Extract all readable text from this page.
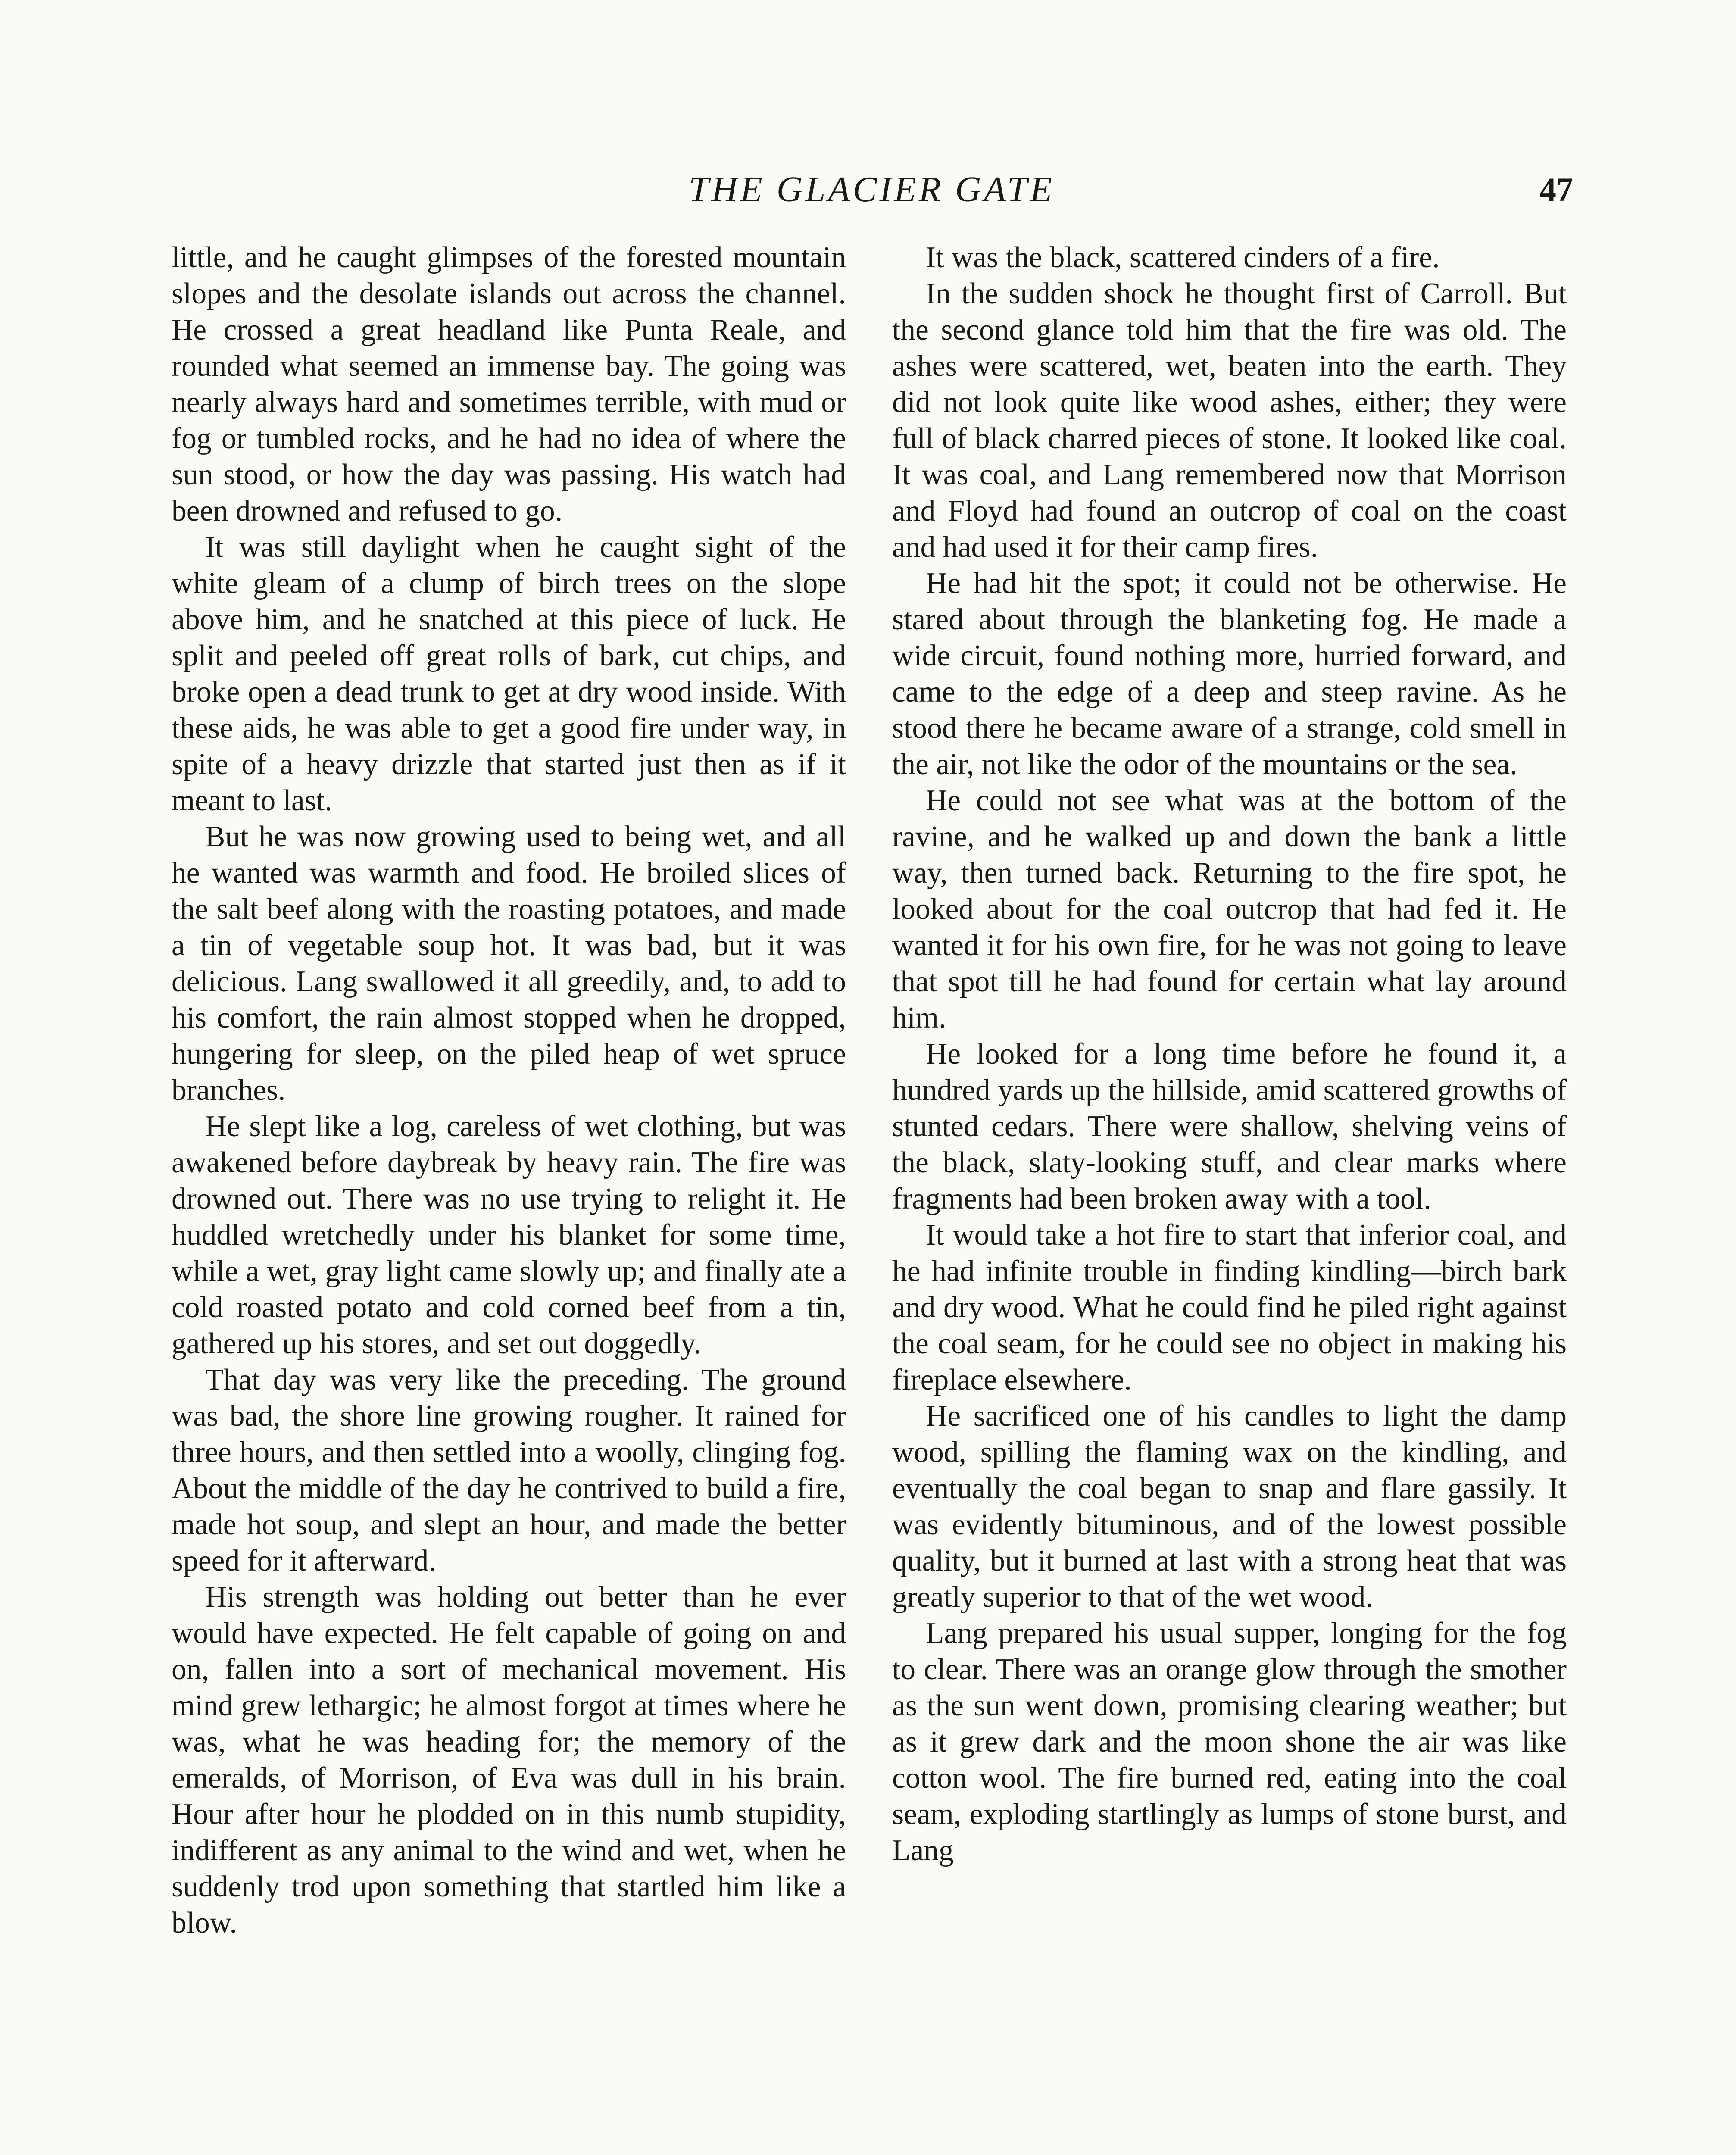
THE GLACIER GATE	47

little, and he caught glimpses of the forested mountain slopes and the desolate islands out across the channel. He crossed a great headland like Punta Reale, and rounded what seemed an immense bay. The going was nearly always hard and sometimes terrible, with mud or fog or tumbled rocks, and he had no idea of where the sun stood, or how the day was passing. His watch had been drowned and refused to go.

It was still daylight when he caught sight of the white gleam of a clump of birch trees on the slope above him, and he snatched at this piece of luck. He split and peeled off great rolls of bark, cut chips, and broke open a dead trunk to get at dry wood inside. With these aids, he was able to get a good fire under way, in spite of a heavy drizzle that started just then as if it meant to last.

But he was now growing used to being wet, and all he wanted was warmth and food. He broiled slices of the salt beef along with the roasting potatoes, and made a tin of vegetable soup hot. It was bad, but it was delicious. Lang swallowed it all greedily, and, to add to his comfort, the rain almost stopped when he dropped, hungering for sleep, on the piled heap of wet spruce branches.

He slept like a log, careless of wet clothing, but was awakened before daybreak by heavy rain. The fire was drowned out. There was no use trying to relight it. He huddled wretchedly under his blanket for some time, while a wet, gray light came slowly up; and finally ate a cold roasted potato and cold corned beef from a tin, gathered up his stores, and set out doggedly.

That day was very like the preceding. The ground was bad, the shore line growing rougher. It rained for three hours, and then settled into a woolly, clinging fog. About the middle of the day he contrived to build a fire, made hot soup, and slept an hour, and made the better speed for it afterward.

His strength was holding out better than he ever would have expected. He felt capable of going on and on, fallen into a sort of mechanical movement. His mind grew lethargic; he almost forgot at times where he was, what he was heading for; the memory of the emeralds, of Morrison, of Eva was dull in his brain. Hour after hour he plodded on in this numb stupidity, indifferent as any animal to the wind and wet, when he suddenly trod upon something that startled him like a blow.

It was the black, scattered cinders of a fire.

In the sudden shock he thought first of Carroll. But the second glance told him that the fire was old. The ashes were scattered, wet, beaten into the earth. They did not look quite like wood ashes, either; they were full of black charred pieces of stone. It looked like coal. It was coal, and Lang remembered now that Morrison and Floyd had found an outcrop of coal on the coast and had used it for their camp fires.

He had hit the spot; it could not be otherwise. He stared about through the blanketing fog. He made a wide circuit, found nothing more, hurried forward, and came to the edge of a deep and steep ravine. As he stood there he became aware of a strange, cold smell in the air, not like the odor of the mountains or the sea.

He could not see what was at the bottom of the ravine, and he walked up and down the bank a little way, then turned back. Returning to the fire spot, he looked about for the coal outcrop that had fed it. He wanted it for his own fire, for he was not going to leave that spot till he had found for certain what lay around him.

He looked for a long time before he found it, a hundred yards up the hillside, amid scattered growths of stunted cedars. There were shallow, shelving veins of the black, slaty-looking stuff, and clear marks where fragments had been broken away with a tool.

It would take a hot fire to start that inferior coal, and he had infinite trouble in finding kindling—birch bark and dry wood. What he could find he piled right against the coal seam, for he could see no object in making his fireplace elsewhere.

He sacrificed one of his candles to light the damp wood, spilling the flaming wax on the kindling, and eventually the coal began to snap and flare gassily. It was evidently bituminous, and of the lowest possible quality, but it burned at last with a strong heat that was greatly superior to that of the wet wood.

Lang prepared his usual supper, longing for the fog to clear. There was an orange glow through the smother as the sun went down, promising clearing weather; but as it grew dark and the moon shone the air was like cotton wool. The fire burned red, eating into the coal seam, exploding startlingly as lumps of stone burst, and Lang
